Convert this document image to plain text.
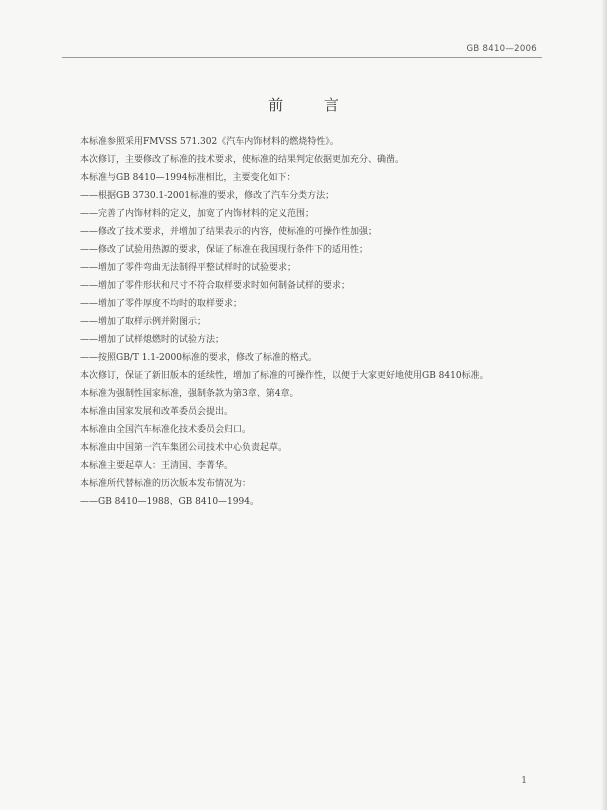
GB 8410—2006
前 言

本标准参照采用FMVSS 571.302《汽车内饰材料的燃烧特性》。

本次修订，主要修改了标准的技术要求，使标准的结果判定依据更加充分、确凿。

本标准与GB 8410—1994标准相比，主要变化如下：

——根据GB 3730.1-2001标准的要求，修改了汽车分类方法；

——完善了内饰材料的定义，加宽了内饰材料的定义范围；

——修改了技术要求，并增加了结果表示的内容，使标准的可操作性加强；

——修改了试验用热源的要求，保证了标准在我国现行条件下的适用性；

——增加了零件弯曲无法制得平整试样时的试验要求；

——增加了零件形状和尺寸不符合取样要求时如何制备试样的要求；

——增加了零件厚度不均时的取样要求；

——增加了取样示例并附图示；

——增加了试样熄燃时的试验方法；

——按照GB/T 1.1-2000标准的要求，修改了标准的格式。

本次修订，保证了新旧版本的延续性，增加了标准的可操作性，以便于大家更好地使用GB 8410标准。

本标准为强制性国家标准，强制条款为第3章、第4章。

本标准由国家发展和改革委员会提出。

本标准由全国汽车标准化技术委员会归口。

本标准由中国第一汽车集团公司技术中心负责起草。

本标准主要起草人：王清国、李菁华。

本标准所代替标准的历次版本发布情况为：

——GB 8410—1988、GB 8410—1994。

1
